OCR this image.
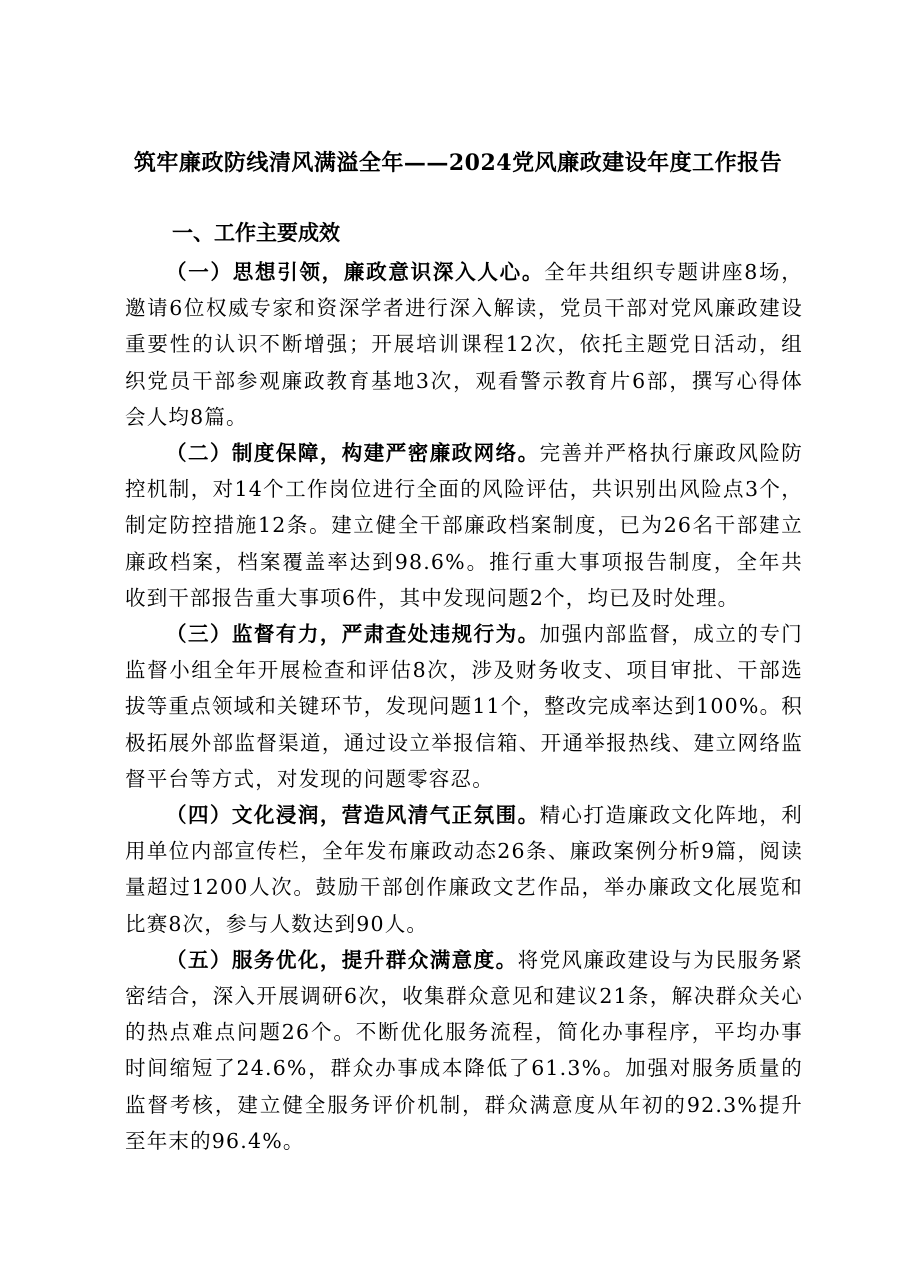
筑牢廉政防线清风满溢全年——2024党风廉政建设年度工作报告
一、工作主要成效

（一）思想引领，廉政意识深入人心。全年共组织专题讲座8场，邀请6位权威专家和资深学者进行深入解读，党员干部对党风廉政建设重要性的认识不断增强；开展培训课程12次，依托主题党日活动，组织党员干部参观廉政教育基地3次，观看警示教育片6部，撰写心得体会人均8篇。

（二）制度保障，构建严密廉政网络。完善并严格执行廉政风险防控机制，对14个工作岗位进行全面的风险评估，共识别出风险点3个，制定防控措施12条。建立健全干部廉政档案制度，已为26名干部建立廉政档案，档案覆盖率达到98.6%。推行重大事项报告制度，全年共收到干部报告重大事项6件，其中发现问题2个，均已及时处理。

（三）监督有力，严肃查处违规行为。加强内部监督，成立的专门监督小组全年开展检查和评估8次，涉及财务收支、项目审批、干部选拔等重点领域和关键环节，发现问题11个，整改完成率达到100%。积极拓展外部监督渠道，通过设立举报信箱、开通举报热线、建立网络监督平台等方式，对发现的问题零容忍。

（四）文化浸润，营造风清气正氛围。精心打造廉政文化阵地，利用单位内部宣传栏，全年发布廉政动态26条、廉政案例分析9篇，阅读量超过1200人次。鼓励干部创作廉政文艺作品，举办廉政文化展览和比赛8次，参与人数达到90人。

（五）服务优化，提升群众满意度。将党风廉政建设与为民服务紧密结合，深入开展调研6次，收集群众意见和建议21条，解决群众关心的热点难点问题26个。不断优化服务流程，简化办事程序，平均办事时间缩短了24.6%，群众办事成本降低了61.3%。加强对服务质量的监督考核，建立健全服务评价机制，群众满意度从年初的92.3%提升至年末的96.4%。
